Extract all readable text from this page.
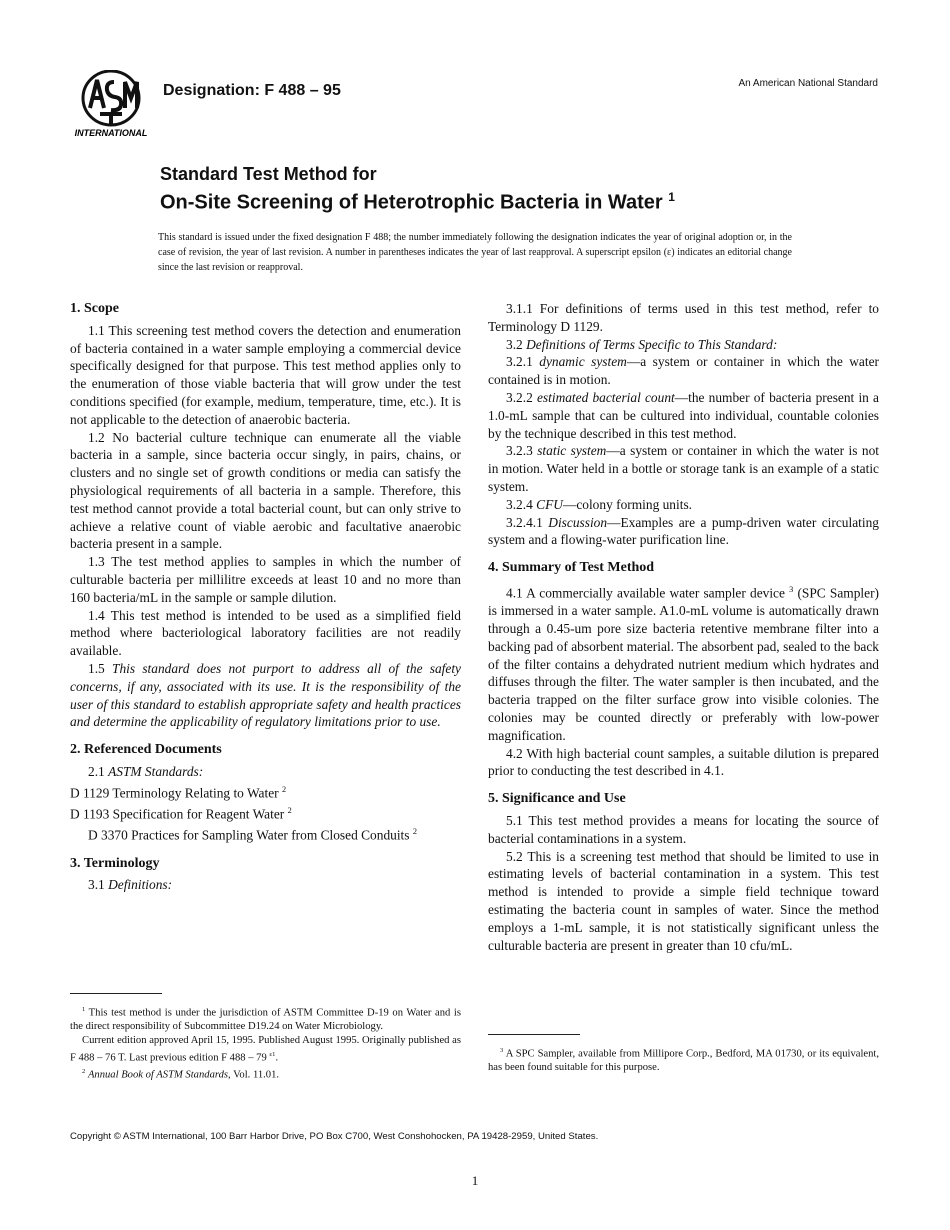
INTERNATIONAL
Designation: F 488 – 95	An American National Standard
Standard Test Method for
On-Site Screening of Heterotrophic Bacteria in Water $^1$
This standard is issued under the fixed designation F 488; the number immediately following the designation indicates the year of original adoption or, in the case of revision, the year of last revision. A number in parentheses indicates the year of last reapproval. A superscript epsilon (ε) indicates an editorial change since the last revision or reapproval.
1. Scope

1.1 This screening test method covers the detection and enumeration of bacteria contained in a water sample employing a commercial device specifically designed for that purpose. This test method applies only to the enumeration of those viable bacteria that will grow under the test conditions specified (for example, medium, temperature, time, etc.). It is not applicable to the detection of anaerobic bacteria.

1.2 No bacterial culture technique can enumerate all the viable bacteria in a sample, since bacteria occur singly, in pairs, chains, or clusters and no single set of growth conditions or media can satisfy the physiological requirements of all bacteria in a sample. Therefore, this test method cannot provide a total bacterial count, but can only strive to achieve a relative count of viable aerobic and facultative anaerobic bacteria present in a sample.

1.3 The test method applies to samples in which the number of culturable bacteria per millilitre exceeds at least 10 and no more than 160 bacteria/mL in the sample or sample dilution.

1.4 This test method is intended to be used as a simplified field method where bacteriological laboratory facilities are not readily available.

1.5 This standard does not purport to address all of the safety concerns, if any, associated with its use. It is the responsibility of the user of this standard to establish appropriate safety and health practices and determine the applicability of regulatory limitations prior to use.

2. Referenced Documents

2.1 ASTM Standards:

D 1129 Terminology Relating to Water $^2$

D 1193 Specification for Reagent Water $^2$

D 3370 Practices for Sampling Water from Closed Conduits $^2$

3. Terminology

3.1 Definitions:

3.1.1 For definitions of terms used in this test method, refer to Terminology D 1129.

3.2 Definitions of Terms Specific to This Standard:

3.2.1 dynamic system—a system or container in which the water contained is in motion.

3.2.2 estimated bacterial count—the number of bacteria present in a 1.0-mL sample that can be cultured into individual, countable colonies by the technique described in this test method.

3.2.3 static system—a system or container in which the water is not in motion. Water held in a bottle or storage tank is an example of a static system.

3.2.4 CFU—colony forming units.

3.2.4.1 Discussion—Examples are a pump-driven water circulating system and a flowing-water purification line.

4. Summary of Test Method

4.1 A commercially available water sampler device $^3$ (SPC Sampler) is immersed in a water sample. A1.0-mL volume is automatically drawn through a 0.45-um pore size bacteria retentive membrane filter into a backing pad of absorbent material. The absorbent pad, sealed to the back of the filter contains a dehydrated nutrient medium which hydrates and diffuses through the filter. The water sampler is then incubated, and the bacteria trapped on the filter surface grow into visible colonies. The colonies may be counted directly or preferably with low-power magnification.

4.2 With high bacterial count samples, a suitable dilution is prepared prior to conducting the test described in 4.1.

5. Significance and Use

5.1 This test method provides a means for locating the source of bacterial contaminations in a system.

5.2 This is a screening test method that should be limited to use in estimating levels of bacterial contamination in a system. This test method is intended to provide a simple field technique toward estimating the bacteria count in samples of water. Since the method employs a 1-mL sample, it is not statistically significant unless the culturable bacteria are present in greater than 10 cfu/mL.

$^1$ This test method is under the jurisdiction of ASTM Committee D-19 on Water and is the direct responsibility of Subcommittee D19.24 on Water Microbiology.

Current edition approved April 15, 1995. Published August 1995. Originally published as F 488 – 76 T. Last previous edition F 488 – 79 $^{\varepsilon 1}$.

$^2$ Annual Book of ASTM Standards, Vol. 11.01.

$^3$ A SPC Sampler, available from Millipore Corp., Bedford, MA 01730, or its equivalent, has been found suitable for this purpose.

Copyright © ASTM International, 100 Barr Harbor Drive, PO Box C700, West Conshohocken, PA 19428-2959, United States.
1
